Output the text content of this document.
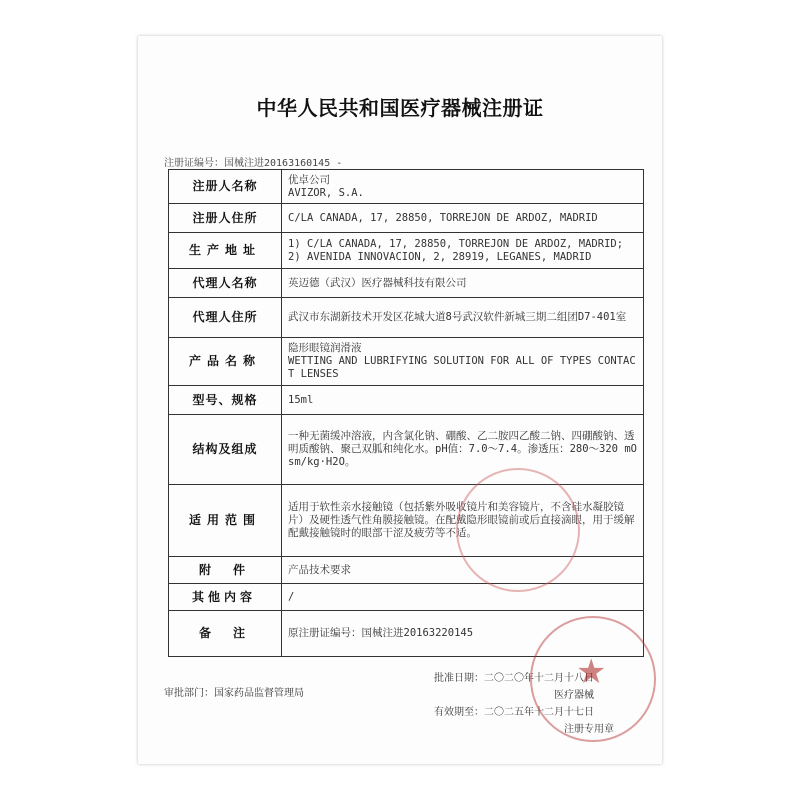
中华人民共和国医疗器械注册证
注册证编号：国械注进20163160145 -
注册人名称	优卓公司
AVIZOR, S.A.

注册人住所	C/LA CANADA, 17, 28850, TORREJON DE ARDOZ, MADRID

生产地址	1) C/LA CANADA, 17, 28850, TORREJON DE ARDOZ, MADRID; 2) AVENIDA INNOVACION, 2, 28919, LEGANES, MADRID

代理人名称	英迈德（武汉）医疗器械科技有限公司

代理人住所	武汉市东湖新技术开发区花城大道8号武汉软件新城三期二组团D7-401室

产品名称	隐形眼镜润滑液
WETTING AND LUBRIFYING SOLUTION FOR ALL OF TYPES CONTACT LENSES

型号、规格	15ml

结构及组成	一种无菌缓冲溶液，内含氯化钠、硼酸、乙二胺四乙酸二钠、四硼酸钠、透明质酸钠、聚己双胍和纯化水。pH值：7.0～7.4。渗透压：280～320 mOsm/kg·H2O。

适用范围	适用于软性亲水接触镜（包括紫外吸收镜片和美容镜片，不含硅水凝胶镜片）及硬性透气性角膜接触镜。在配戴隐形眼镜前或后直接滴眼，用于缓解配戴接触镜时的眼部干涩及疲劳等不适。

附件	产品技术要求

其他内容	/

备注	原注册证编号：国械注进20163220145
审批部门：国家药品监督管理局
批准日期：二〇二〇年十二月十八日
医疗器械
有效期至：二〇二五年十二月十七日
注册专用章
★
